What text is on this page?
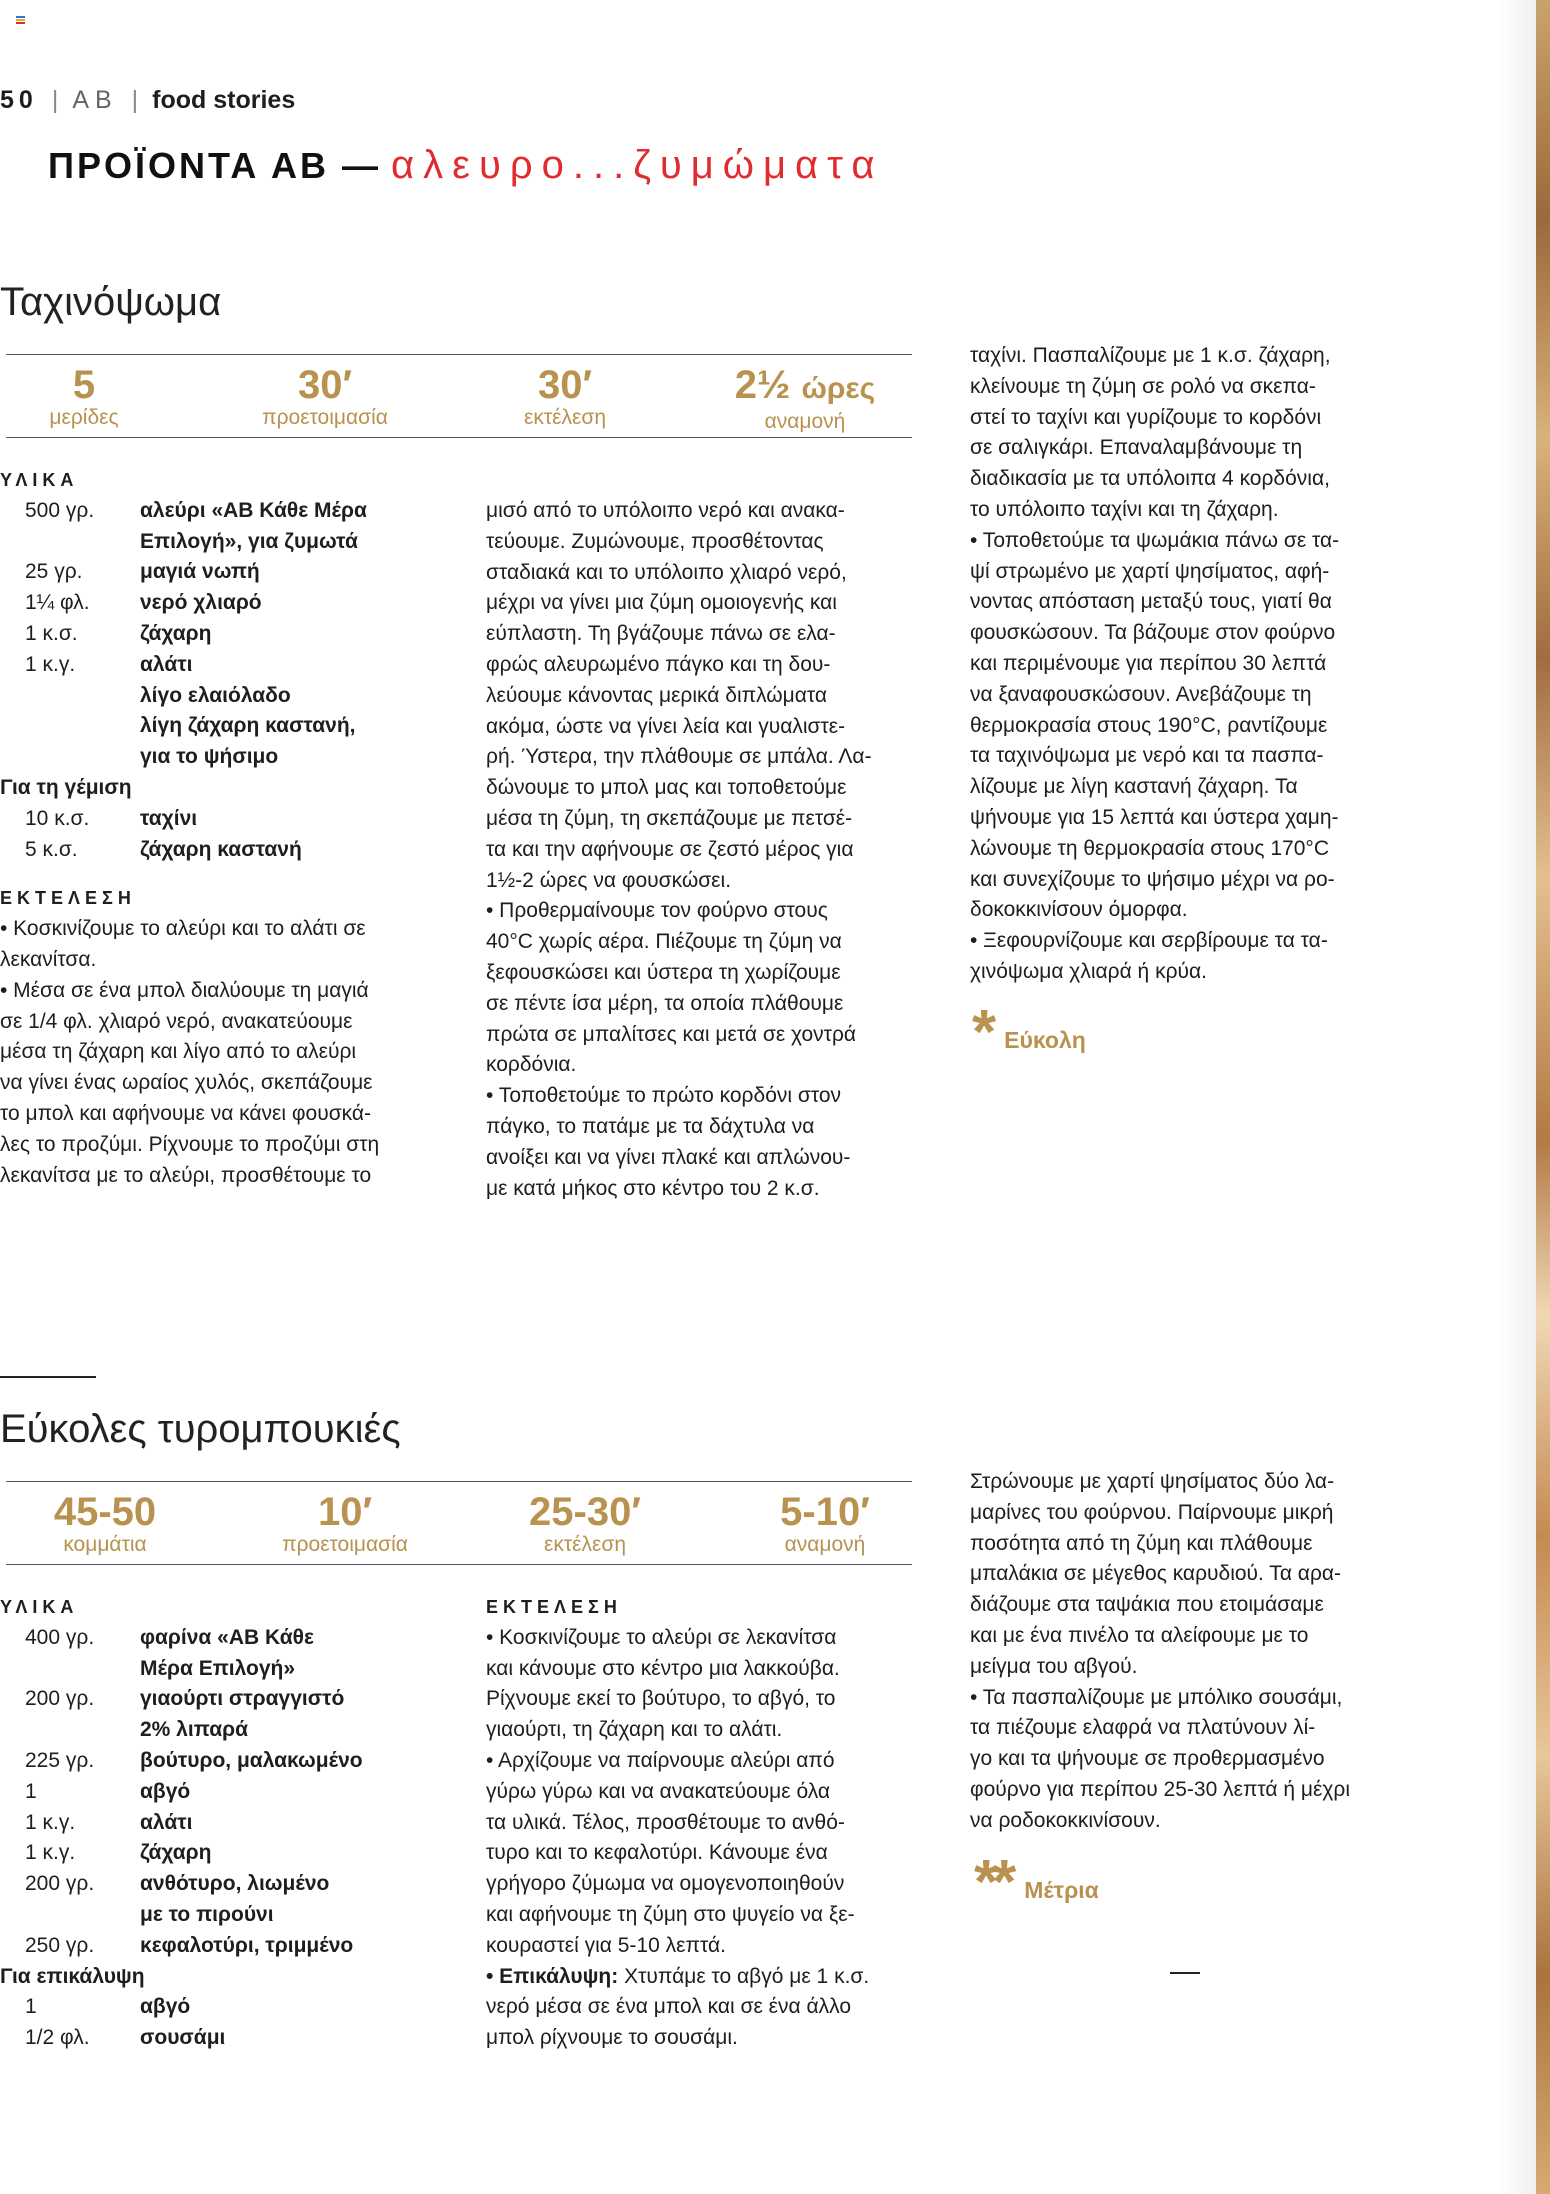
50 | ΑΒ | food stories
ΠΡΟΪΟΝΤΑ ΑΒ — αλευρο...ζυμώματα
Ταχινόψωμα
5
μερίδες
30′
προετοιμασία
30′
εκτέλεση
2½ ώρες
αναμονή

ΥΛΙΚΑ

500 γρ.	αλεύρι «ΑΒ Κάθε Μέρα
Επιλογή», για ζυμωτά
25 γρ.	μαγιά νωπή
1¼ φλ.	νερό χλιαρό
1 κ.σ.	ζάχαρη
1 κ.γ.	αλάτι
λίγο ελαιόλαδο
λίγη ζάχαρη καστανή,
για το ψήσιμο

Για τη γέμιση

10 κ.σ.	ταχίνι
5 κ.σ.	ζάχαρη καστανή

ΕΚΤΕΛΕΣΗ

• Κοσκινίζουμε το αλεύρι και το αλάτι σε

λεκανίτσα.

• Μέσα σε ένα μπολ διαλύουμε τη μαγιά

σε 1/4 φλ. χλιαρό νερό, ανακατεύουμε

μέσα τη ζάχαρη και λίγο από το αλεύρι

να γίνει ένας ωραίος χυλός, σκεπάζουμε

το μπολ και αφήνουμε να κάνει φουσκά-

λες το προζύμι. Ρίχνουμε το προζύμι στη

λεκανίτσα με το αλεύρι, προσθέτουμε το

μισό από το υπόλοιπο νερό και ανακα-

τεύουμε. Ζυμώνουμε, προσθέτοντας

σταδιακά και το υπόλοιπο χλιαρό νερό,

μέχρι να γίνει μια ζύμη ομοιογενής και

εύπλαστη. Τη βγάζουμε πάνω σε ελα-

φρώς αλευρωμένο πάγκο και τη δου-

λεύουμε κάνοντας μερικά διπλώματα

ακόμα, ώστε να γίνει λεία και γυαλιστε-

ρή. Ύστερα, την πλάθουμε σε μπάλα. Λα-

δώνουμε το μπολ μας και τοποθετούμε

μέσα τη ζύμη, τη σκεπάζουμε με πετσέ-

τα και την αφήνουμε σε ζεστό μέρος για

1½-2 ώρες να φουσκώσει.

• Προθερμαίνουμε τον φούρνο στους

40°C χωρίς αέρα. Πιέζουμε τη ζύμη να

ξεφουσκώσει και ύστερα τη χωρίζουμε

σε πέντε ίσα μέρη, τα οποία πλάθουμε

πρώτα σε μπαλίτσες και μετά σε χοντρά

κορδόνια.

• Τοποθετούμε το πρώτο κορδόνι στον

πάγκο, το πατάμε με τα δάχτυλα να

ανοίξει και να γίνει πλακέ και απλώνου-

με κατά μήκος στο κέντρο του 2 κ.σ.

ταχίνι. Πασπαλίζουμε με 1 κ.σ. ζάχαρη,

κλείνουμε τη ζύμη σε ρολό να σκεπα-

στεί το ταχίνι και γυρίζουμε το κορδόνι

σε σαλιγκάρι. Επαναλαμβάνουμε τη

διαδικασία με τα υπόλοιπα 4 κορδόνια,

το υπόλοιπο ταχίνι και τη ζάχαρη.

• Τοποθετούμε τα ψωμάκια πάνω σε τα-

ψί στρωμένο με χαρτί ψησίματος, αφή-

νοντας απόσταση μεταξύ τους, γιατί θα

φουσκώσουν. Τα βάζουμε στον φούρνο

και περιμένουμε για περίπου 30 λεπτά

να ξαναφουσκώσουν. Ανεβάζουμε τη

θερμοκρασία στους 190°C, ραντίζουμε

τα ταχινόψωμα με νερό και τα πασπα-

λίζουμε με λίγη καστανή ζάχαρη. Τα

ψήνουμε για 15 λεπτά και ύστερα χαμη-

λώνουμε τη θερμοκρασία στους 170°C

και συνεχίζουμε το ψήσιμο μέχρι να ρο-

δοκοκκινίσουν όμορφα.

• Ξεφουρνίζουμε και σερβίρουμε τα τα-

χινόψωμα χλιαρά ή κρύα.

* Εύκολη
Εύκολες τυρομπουκιές
45-50
κομμάτια
10′
προετοιμασία
25-30′
εκτέλεση
5-10′
αναμονή

ΥΛΙΚΑ

400 γρ.	φαρίνα «ΑΒ Κάθε
Μέρα Επιλογή»
200 γρ.	γιαούρτι στραγγιστό
2% λιπαρά
225 γρ.	βούτυρο, μαλακωμένο
1	αβγό
1 κ.γ.	αλάτι
1 κ.γ.	ζάχαρη
200 γρ.	ανθότυρο, λιωμένο
με το πιρούνι
250 γρ.	κεφαλοτύρι, τριμμένο

Για επικάλυψη

1	αβγό
1/2 φλ.	σουσάμι

ΕΚΤΕΛΕΣΗ

• Κοσκινίζουμε το αλεύρι σε λεκανίτσα

και κάνουμε στο κέντρο μια λακκούβα.

Ρίχνουμε εκεί το βούτυρο, το αβγό, το

γιαούρτι, τη ζάχαρη και το αλάτι.

• Αρχίζουμε να παίρνουμε αλεύρι από

γύρω γύρω και να ανακατεύουμε όλα

τα υλικά. Τέλος, προσθέτουμε το ανθό-

τυρο και το κεφαλοτύρι. Κάνουμε ένα

γρήγορο ζύμωμα να ομογενοποιηθούν

και αφήνουμε τη ζύμη στο ψυγείο να ξε-

κουραστεί για 5-10 λεπτά.

• Επικάλυψη: Χτυπάμε το αβγό με 1 κ.σ.

νερό μέσα σε ένα μπολ και σε ένα άλλο

μπολ ρίχνουμε το σουσάμι.

Στρώνουμε με χαρτί ψησίματος δύο λα-

μαρίνες του φούρνου. Παίρνουμε μικρή

ποσότητα από τη ζύμη και πλάθουμε

μπαλάκια σε μέγεθος καρυδιού. Τα αρα-

διάζουμε στα ταψάκια που ετοιμάσαμε

και με ένα πινέλο τα αλείφουμε με το

μείγμα του αβγού.

• Τα πασπαλίζουμε με μπόλικο σουσάμι,

τα πιέζουμε ελαφρά να πλατύνουν λί-

γο και τα ψήνουμε σε προθερμασμένο

φούρνο για περίπου 25-30 λεπτά ή μέχρι

να ροδοκοκκινίσουν.

** Μέτρια
